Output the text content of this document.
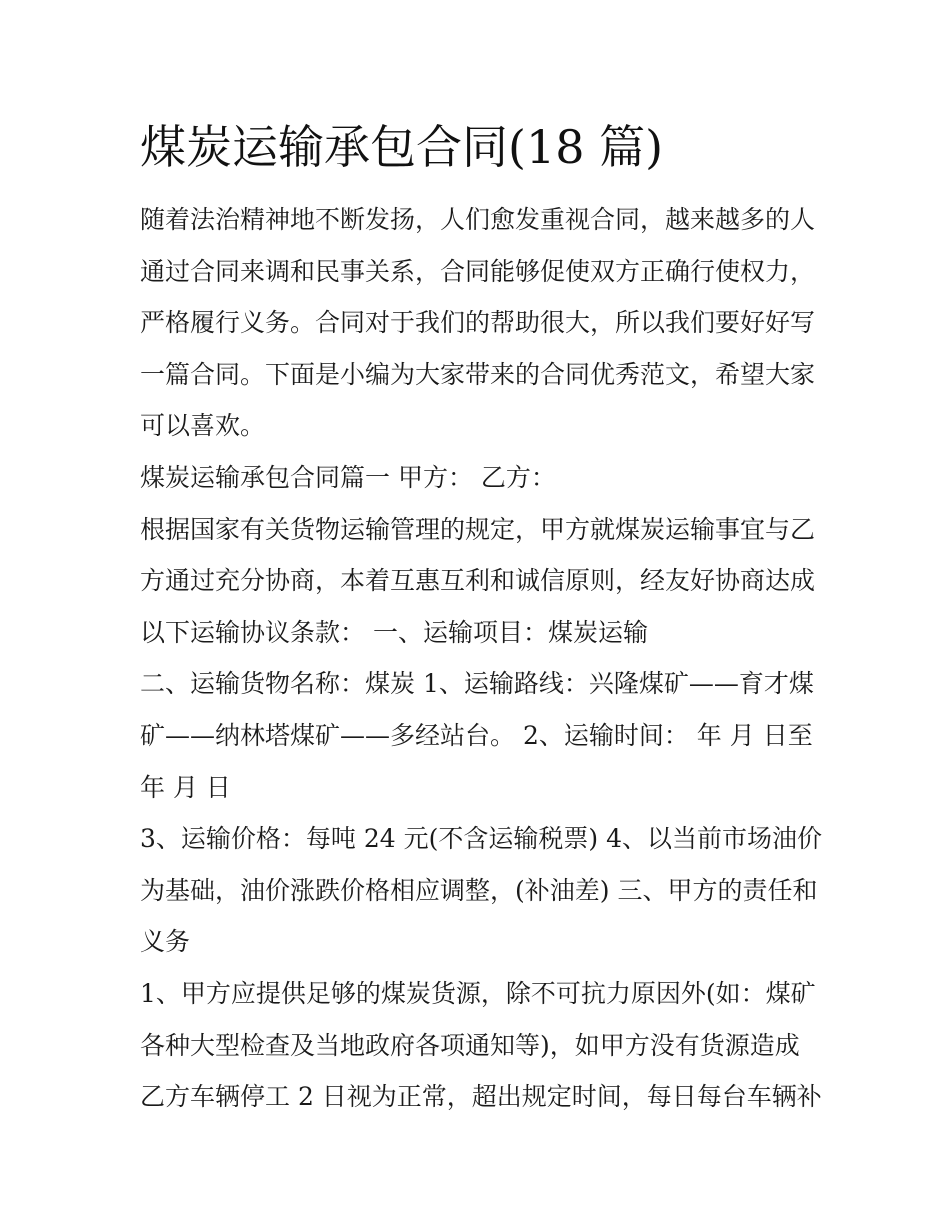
煤炭运输承包合同(18 篇)
随着法治精神地不断发扬，人们愈发重视合同，越来越多的人
通过合同来调和民事关系，合同能够促使双方正确行使权力，
严格履行义务。合同对于我们的帮助很大，所以我们要好好写
一篇合同。下面是小编为大家带来的合同优秀范文，希望大家
可以喜欢。
煤炭运输承包合同篇一 甲方： 乙方：
根据国家有关货物运输管理的规定，甲方就煤炭运输事宜与乙
方通过充分协商，本着互惠互利和诚信原则，经友好协商达成
以下运输协议条款： 一、运输项目：煤炭运输
二、运输货物名称：煤炭 1、运输路线：兴隆煤矿——育才煤
矿——纳林塔煤矿——多经站台。 2、运输时间： 年 月 日至
年 月 日
3、运输价格：每吨 24 元(不含运输税票) 4、以当前市场油价
为基础，油价涨跌价格相应调整，(补油差) 三、甲方的责任和
义务
1、甲方应提供足够的煤炭货源，除不可抗力原因外(如：煤矿
各种大型检查及当地政府各项通知等)，如甲方没有货源造成
乙方车辆停工 2 日视为正常，超出规定时间，每日每台车辆补
